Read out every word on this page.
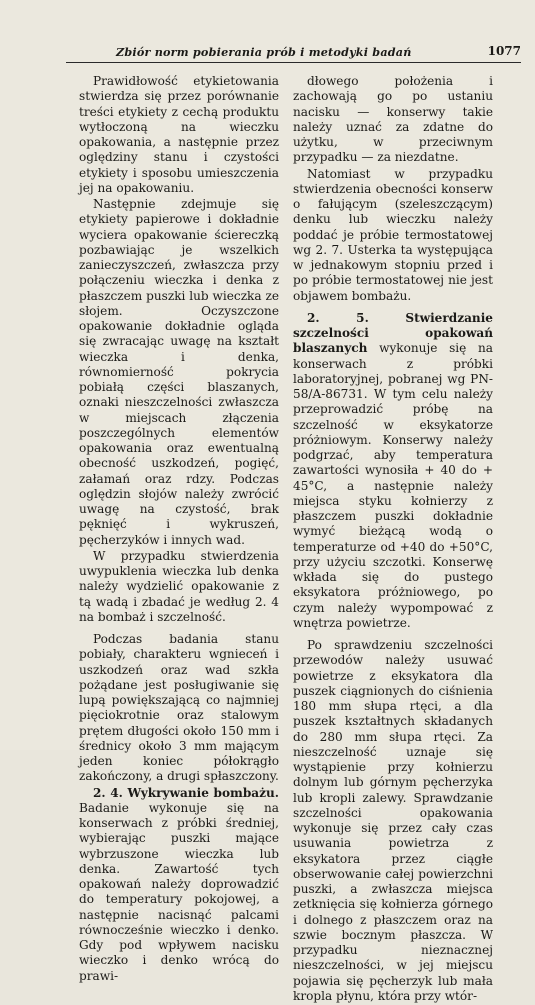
Zbiór norm pobierania prób i metodyki badań	1077

Prawidłowość etykietowania stwierdza się przez porównanie treści etykiety z cechą produktu wytłoczoną na wieczku opakowania, a następnie przez oględziny stanu i czystości etykiety i sposobu umieszczenia jej na opakowaniu.

Następnie zdejmuje się etykiety papierowe i dokładnie wyciera opakowanie ściereczką pozbawiając je wszelkich zanieczyszczeń, zwłaszcza przy połączeniu wieczka i denka z płaszczem puszki lub wieczka ze słojem. Oczyszczone opakowanie dokładnie ogląda się zwracając uwagę na kształt wieczka i denka, równomierność pokrycia pobiałą części blaszanych, oznaki nieszczelności zwłaszcza w miejscach złączenia poszczególnych elementów opakowania oraz ewentualną obecność uszkodzeń, pogięć, załamań oraz rdzy. Podczas oględzin słojów należy zwrócić uwagę na czystość, brak pęknięć i wykruszeń, pęcherzyków i innych wad.

W przypadku stwierdzenia uwypuklenia wieczka lub denka należy wydzielić opakowanie z tą wadą i zbadać je według 2. 4 na bombaż i szczelność.

Podczas badania stanu pobiały, charakteru wgnieceń i uszkodzeń oraz wad szkła pożądane jest posługiwanie się lupą powiększającą co najmniej pięciokrotnie oraz stalowym prętem długości około 150 mm i średnicy około 3 mm mającym jeden koniec półokrągło zakończony, a drugi spłaszczony.

2. 4. Wykrywanie bombażu. Badanie wykonuje się na konserwach z próbki średniej, wybierając puszki mające wybrzuszone wieczka lub denka. Zawartość tych opakowań należy doprowadzić do temperatury pokojowej, a następnie nacisnąć palcami równocześnie wieczko i denko. Gdy pod wpływem nacisku wieczko i denko wrócą do prawi-

dłowego położenia i zachowają go po ustaniu nacisku — konserwy takie należy uznać za zdatne do użytku, w przeciwnym przypadku — za niezdatne.

Natomiast w przypadku stwierdzenia obecności konserw o fałującym (szeleszczącym) denku lub wieczku należy poddać je próbie termostatowej wg 2. 7. Usterka ta występująca w jednakowym stopniu przed i po próbie termostatowej nie jest objawem bombażu.

2. 5. Stwierdzanie szczelności opakowań blaszanych wykonuje się na konserwach z próbki laboratoryjnej, pobranej wg PN-58/A-86731. W tym celu należy przeprowadzić próbę na szczelność w eksykatorze próżniowym. Konserwy należy podgrzać, aby temperatura zawartości wynosiła + 40 do + 45°C, a następnie należy miejsca styku kołnierzy z płaszczem puszki dokładnie wymyć bieżącą wodą o temperaturze od +40 do +50°C, przy użyciu szczotki. Konserwę wkłada się do pustego eksykatora próżniowego, po czym należy wypompować z wnętrza powietrze.

Po sprawdzeniu szczelności przewodów należy usuwać powietrze z eksykatora dla puszek ciągnionych do ciśnienia 180 mm słupa rtęci, a dla puszek kształtnych składanych do 280 mm słupa rtęci. Za nieszczelność uznaje się wystąpienie przy kołnierzu dolnym lub górnym pęcherzyka lub kropli zalewy. Sprawdzanie szczelności opakowania wykonuje się przez cały czas usuwania powietrza z eksykatora przez ciągłe obserwowanie całej powierzchni puszki, a zwłaszcza miejsca zetknięcia się kołnierza górnego i dolnego z płaszczem oraz na szwie bocznym płaszcza. W przypadku nieznacznej nieszczelności, w jej miejscu pojawia się pęcherzyk lub mała kropla płynu, która przy wtór-
